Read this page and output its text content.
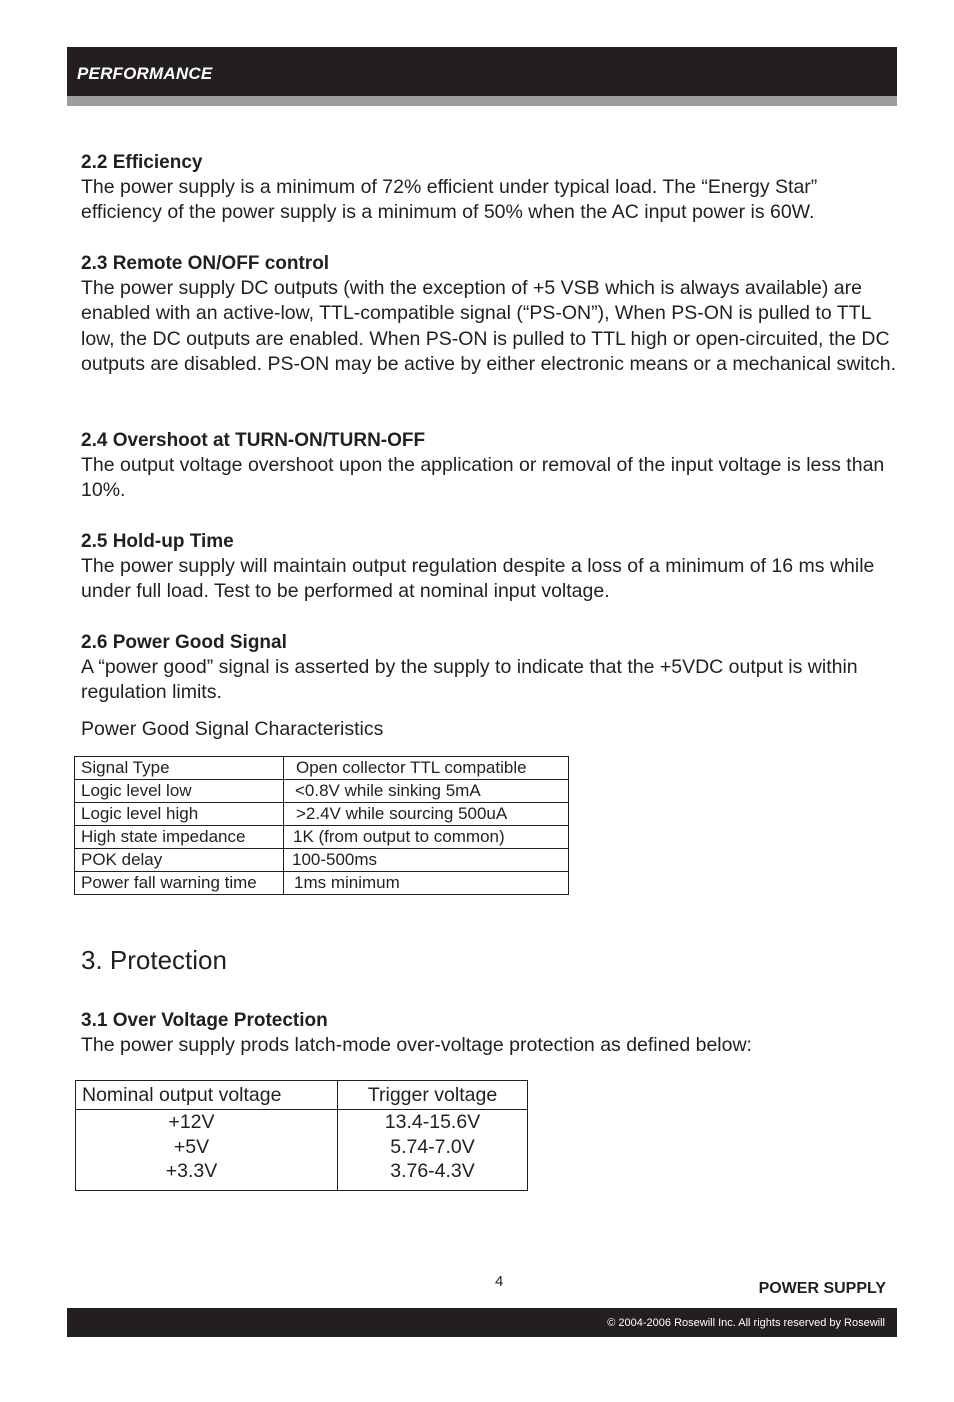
PERFORMANCE

2.2 Efficiency

The power supply is a minimum of 72% efficient under typical load. The “Energy Star” efficiency of the power supply is a minimum of 50% when the AC input power is 60W.

2.3 Remote ON/OFF control

The power supply DC outputs (with the exception of +5 VSB which is always available) are enabled with an active-low, TTL-compatible signal (“PS-ON”), When PS-ON is pulled to TTL low, the DC outputs are enabled. When PS-ON is pulled to TTL high or open-circuited, the DC outputs are disabled. PS-ON may be active by either electronic means or a mechanical switch.

2.4 Overshoot at TURN-ON/TURN-OFF

The output voltage overshoot upon the application or removal of the input voltage is less than 10%.

2.5 Hold-up Time

The power supply will maintain output regulation despite a loss of a minimum of 16 ms while under full load. Test to be performed at nominal input voltage.

2.6 Power Good Signal

A “power good” signal is asserted by the supply to indicate that the +5VDC output is within regulation limits.

Power Good Signal Characteristics
Signal Type	Open collector TTL compatible
Logic level low	<0.8V while sinking 5mA
Logic level high	>2.4V while sourcing 500uA
High state impedance	1K (from output to common)
POK delay	100-500ms
Power fall warning time	1ms minimum
3. Protection

3.1 Over Voltage Protection

The power supply prods latch-mode over-voltage protection as defined below:

Nominal output voltage	Trigger voltage
+12V	13.4-15.6V
+5V	5.74-7.0V
+3.3V	3.76-4.3V
4	POWER SUPPLY
© 2004-2006 Rosewill Inc. All rights reserved by Rosewill
